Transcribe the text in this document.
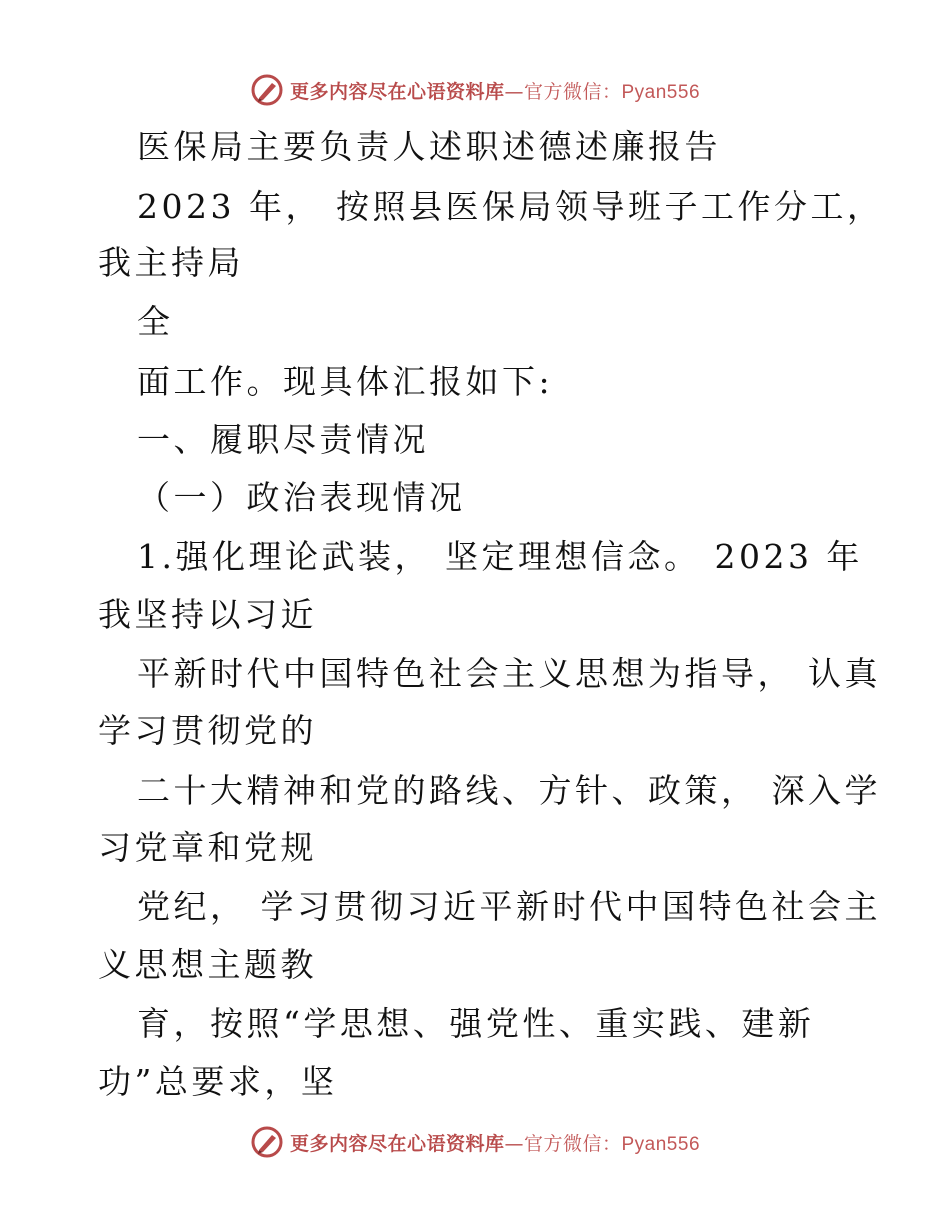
更多内容尽在心语资料库—官方微信：Pyan556
医保局主要负责人述职述德述廉报告
2023 年， 按照县医保局领导班子工作分工，
我主持局
全
面工作。现具体汇报如下:
一、履职尽责情况
（一）政治表现情况
1.强化理论武装， 坚定理想信念。 2023 年
我坚持以习近
平新时代中国特色社会主义思想为指导， 认真
学习贯彻党的
二十大精神和党的路线、方针、政策， 深入学
习党章和党规
党纪， 学习贯彻习近平新时代中国特色社会主
义思想主题教
育，按照“学思想、强党性、重实践、建新
功”总要求，坚
更多内容尽在心语资料库—官方微信：Pyan556
